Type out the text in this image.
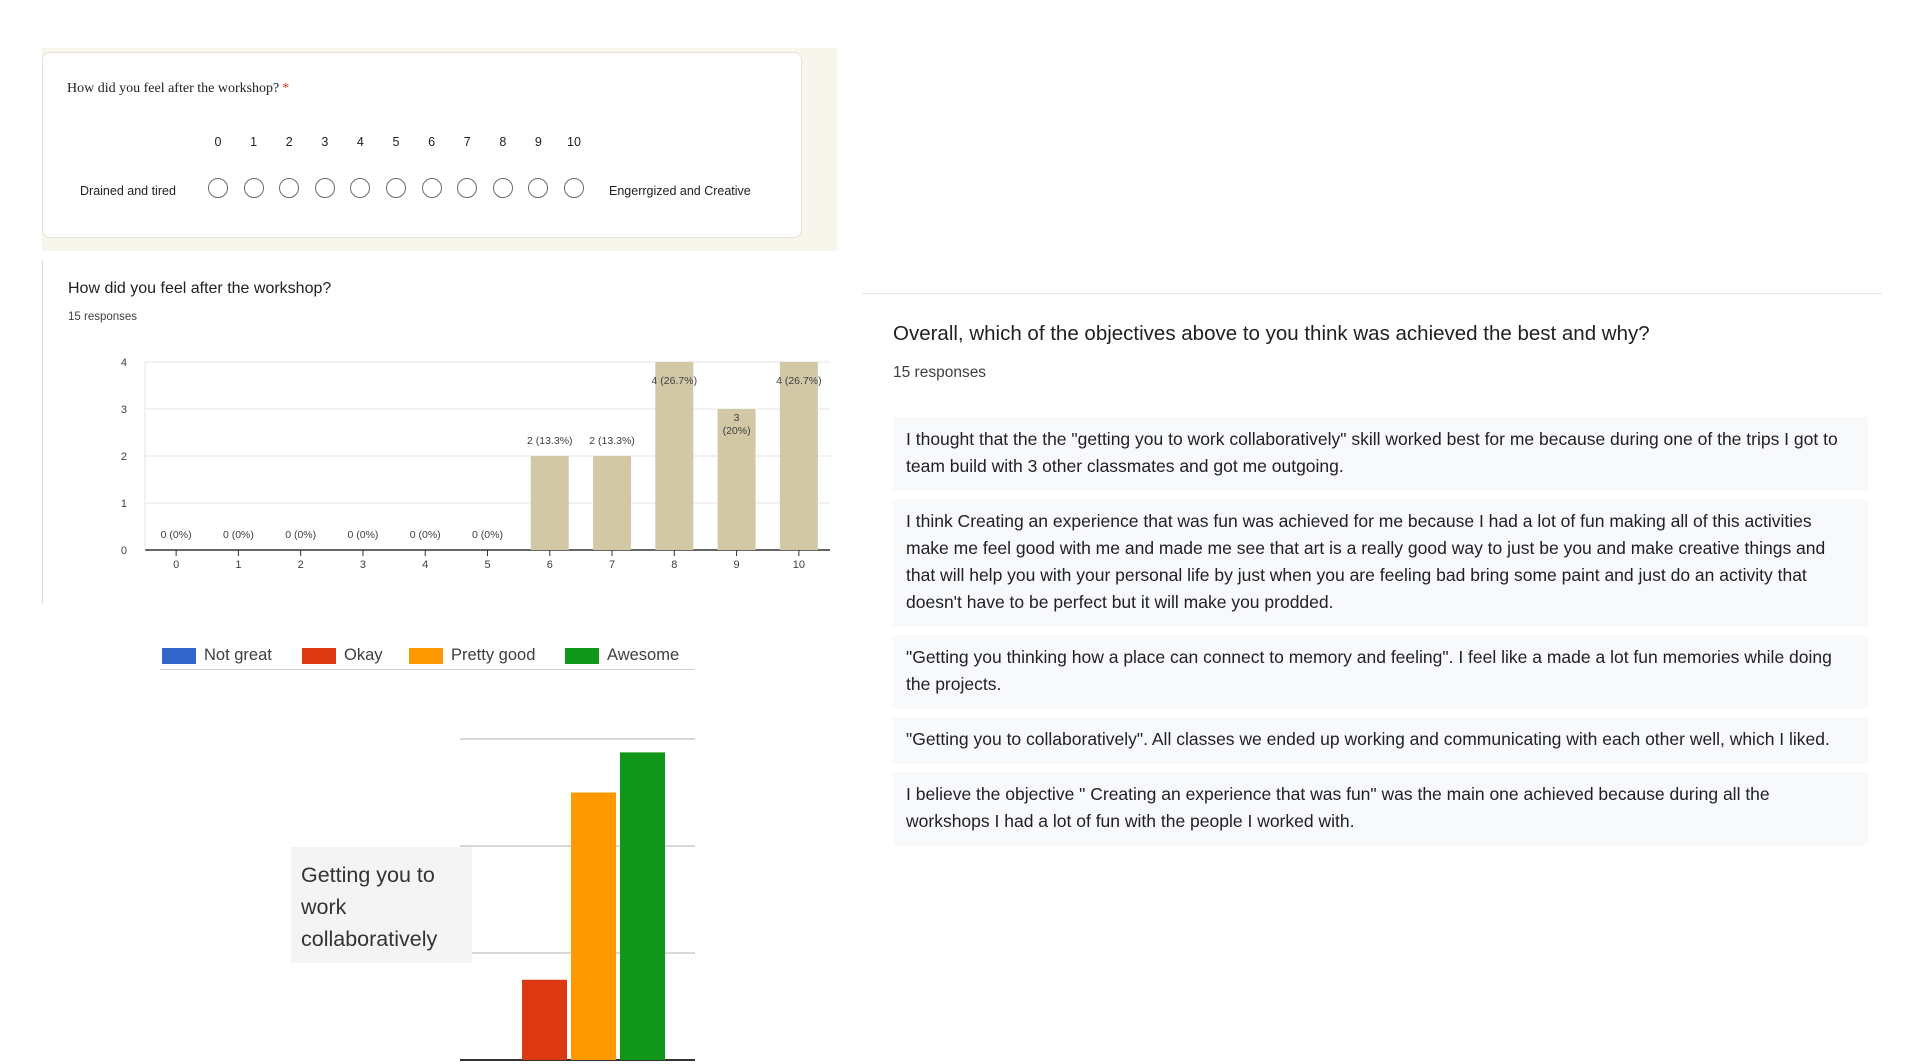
How did you feel after the workshop? *
Drained and tired	Engerrgized and Creative
0	1	2	3	4	5	6	7	8	9	10
How did you feel after the workshop?
15 responses
0
1
2
3
4
0
0 (0%)
1
0 (0%)
2
0 (0%)
3
0 (0%)
4
0 (0%)
5
0 (0%)
6
2 (13.3%)
7
2 (13.3%)
8
4 (26.7%)
9
3
(20%)
10
4 (26.7%)
Not great	Okay	Pretty good	Awesome
Getting you to work collaboratively
Overall, which of the objectives above to you think was achieved the best and why?
15 responses
I thought that the the "getting you to work collaboratively" skill worked best for me because during one of the trips I got to team build with 3 other classmates and got me outgoing.
I think Creating an experience that was fun was achieved for me because I had a lot of fun making all of this activities make me feel good with me and made me see that art is a really good way to just be you and make creative things and that will help you with your personal life by just when you are feeling bad bring some paint and just do an activity that doesn't have to be perfect but it will make you prodded.
"Getting you thinking how a place can connect to memory and feeling". I feel like a made a lot fun memories while doing the projects.
"Getting you to collaboratively". All classes we ended up working and communicating with each other well, which I liked.
I believe the objective " Creating an experience that was fun" was the main one achieved because during all the workshops I had a lot of fun with the people I worked with.
